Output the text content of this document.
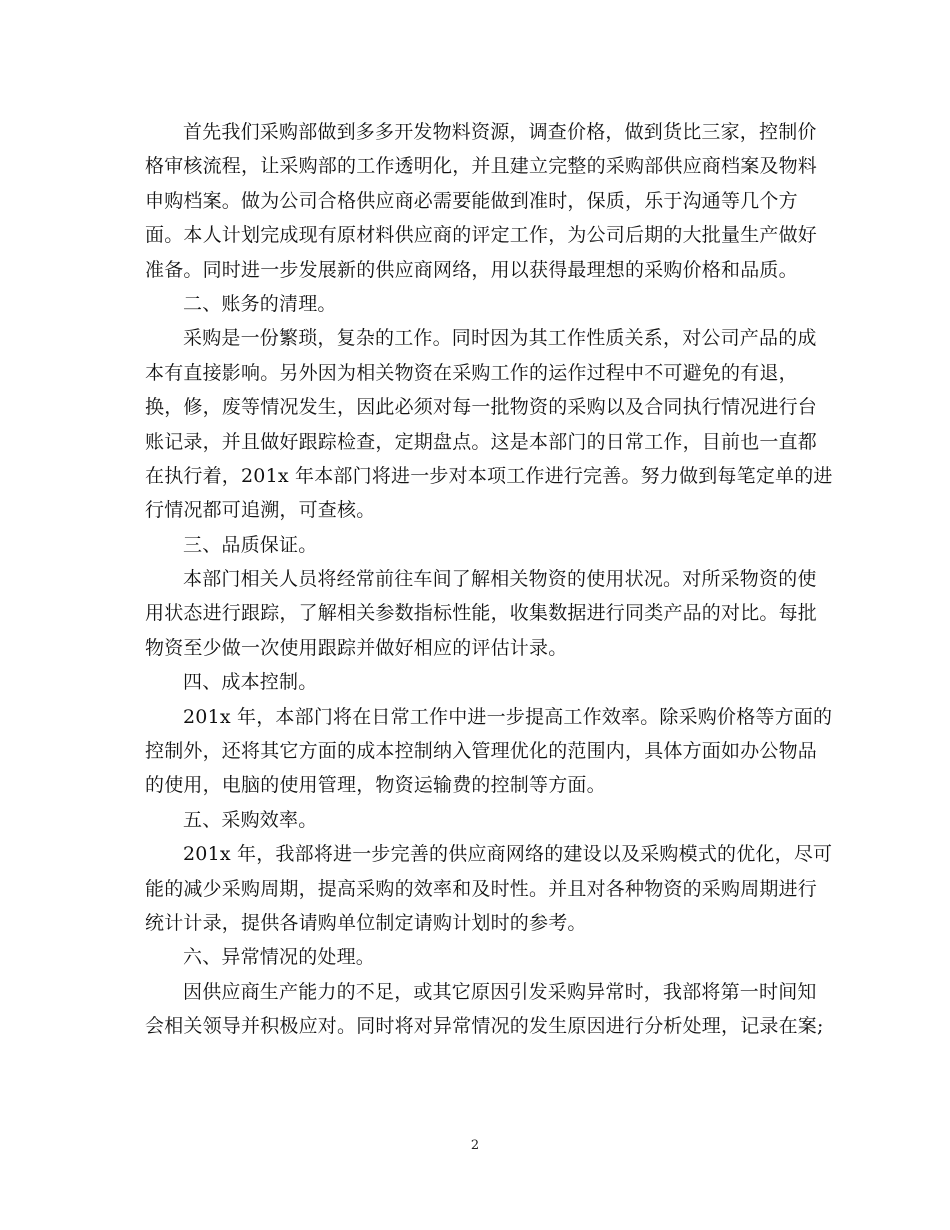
首先我们采购部做到多多开发物料资源，调查价格，做到货比三家，控制价
格审核流程，让采购部的工作透明化，并且建立完整的采购部供应商档案及物料
申购档案。做为公司合格供应商必需要能做到准时，保质，乐于沟通等几个方
面。本人计划完成现有原材料供应商的评定工作，为公司后期的大批量生产做好
准备。同时进一步发展新的供应商网络，用以获得最理想的采购价格和品质。
二、账务的清理。
采购是一份繁琐，复杂的工作。同时因为其工作性质关系，对公司产品的成
本有直接影响。另外因为相关物资在采购工作的运作过程中不可避免的有退，
换，修，废等情况发生，因此必须对每一批物资的采购以及合同执行情况进行台
账记录，并且做好跟踪检查，定期盘点。这是本部门的日常工作，目前也一直都
在执行着，201x 年本部门将进一步对本项工作进行完善。努力做到每笔定单的进
行情况都可追溯，可查核。
三、品质保证。
本部门相关人员将经常前往车间了解相关物资的使用状况。对所采物资的使
用状态进行跟踪，了解相关参数指标性能，收集数据进行同类产品的对比。每批
物资至少做一次使用跟踪并做好相应的评估计录。
四、成本控制。
201x 年，本部门将在日常工作中进一步提高工作效率。除采购价格等方面的
控制外，还将其它方面的成本控制纳入管理优化的范围内，具体方面如办公物品
的使用，电脑的使用管理，物资运输费的控制等方面。
五、采购效率。
201x 年，我部将进一步完善的供应商网络的建设以及采购模式的优化，尽可
能的减少采购周期，提高采购的效率和及时性。并且对各种物资的采购周期进行
统计计录，提供各请购单位制定请购计划时的参考。
六、异常情况的处理。
因供应商生产能力的不足，或其它原因引发采购异常时，我部将第一时间知
会相关领导并积极应对。同时将对异常情况的发生原因进行分析处理，记录在案;
2
